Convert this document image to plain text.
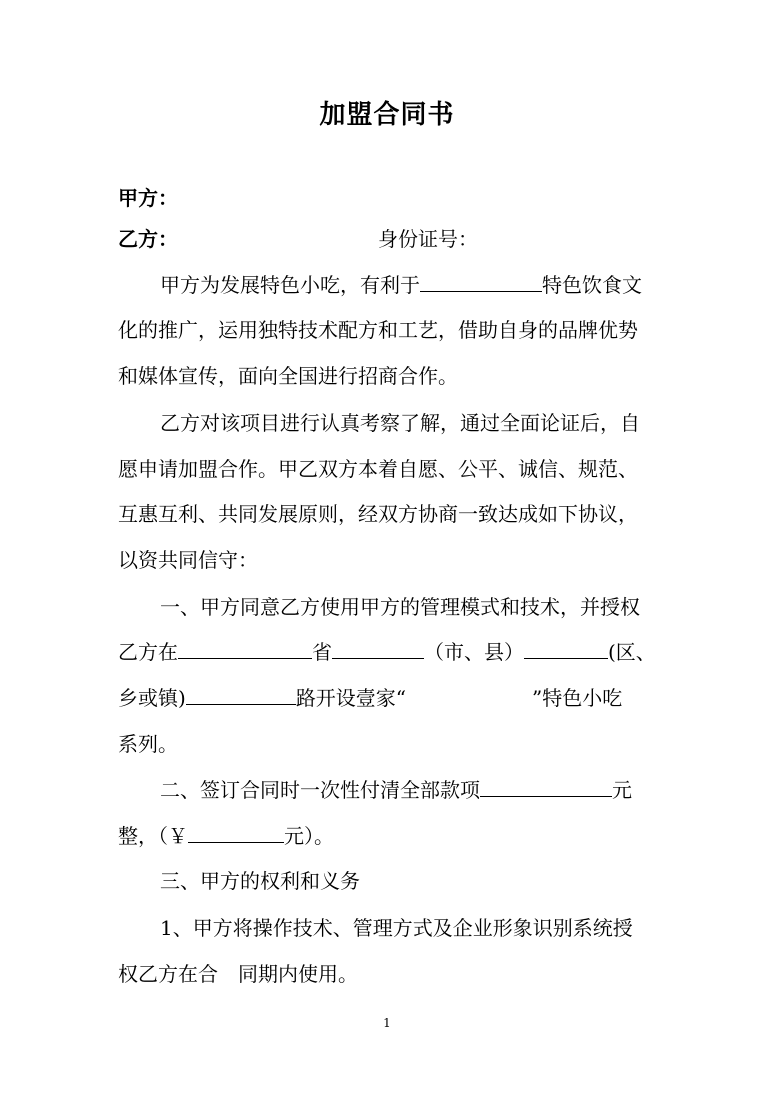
加盟合同书
甲方：
乙方：	身份证号：
甲方为发展特色小吃，有利于	特色饮食文
化的推广，运用独特技术配方和工艺，借助自身的品牌优势
和媒体宣传，面向全国进行招商合作。
乙方对该项目进行认真考察了解，通过全面论证后，自
愿申请加盟合作。甲乙双方本着自愿、公平、诚信、规范、
互惠互利、共同发展原则，经双方协商一致达成如下协议，
以资共同信守：
一、甲方同意乙方使用甲方的管理模式和技术，并授权
乙方在	省	（市、县）	(区、
乡或镇)	路开设壹家“	”特色小吃
系列。
二、签订合同时一次性付清全部款项	元
整，（￥	元）。
三、甲方的权利和义务
1、甲方将操作技术、管理方式及企业形象识别系统授
权乙方在合 同期内使用。
1
